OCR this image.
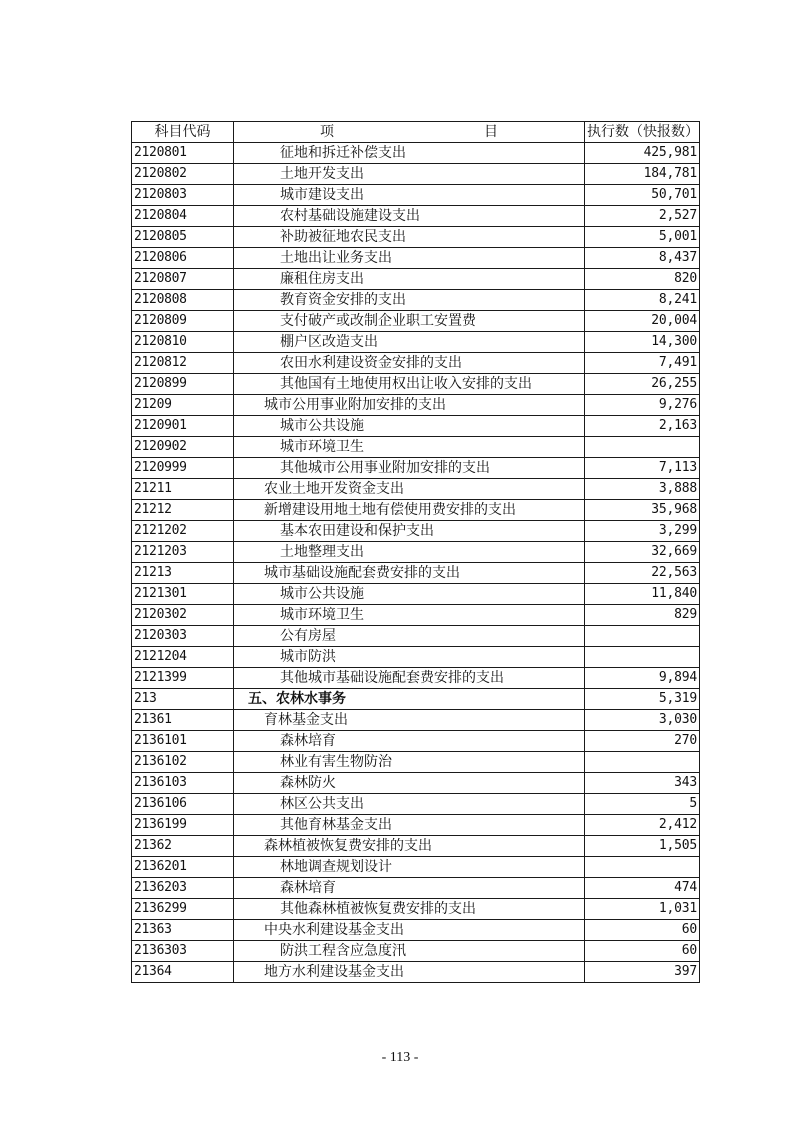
科目代码	项 目	执行数（快报数）
2120801	征地和拆迁补偿支出	425,981
2120802	土地开发支出	184,781
2120803	城市建设支出	50,701
2120804	农村基础设施建设支出	2,527
2120805	补助被征地农民支出	5,001
2120806	土地出让业务支出	8,437
2120807	廉租住房支出	820
2120808	教育资金安排的支出	8,241
2120809	支付破产或改制企业职工安置费	20,004
2120810	棚户区改造支出	14,300
2120812	农田水利建设资金安排的支出	7,491
2120899	其他国有土地使用权出让收入安排的支出	26,255
21209	城市公用事业附加安排的支出	9,276
2120901	城市公共设施	2,163
2120902	城市环境卫生	
2120999	其他城市公用事业附加安排的支出	7,113
21211	农业土地开发资金支出	3,888
21212	新增建设用地土地有偿使用费安排的支出	35,968
2121202	基本农田建设和保护支出	3,299
2121203	土地整理支出	32,669
21213	城市基础设施配套费安排的支出	22,563
2121301	城市公共设施	11,840
2120302	城市环境卫生	829
2120303	公有房屋	
2121204	城市防洪	
2121399	其他城市基础设施配套费安排的支出	9,894
213	五、农林水事务	5,319
21361	育林基金支出	3,030
2136101	森林培育	270
2136102	林业有害生物防治	
2136103	森林防火	343
2136106	林区公共支出	5
2136199	其他育林基金支出	2,412
21362	森林植被恢复费安排的支出	1,505
2136201	林地调查规划设计	
2136203	森林培育	474
2136299	其他森林植被恢复费安排的支出	1,031
21363	中央水利建设基金支出	60
2136303	防洪工程含应急度汛	60
21364	地方水利建设基金支出	397
- 113 -
